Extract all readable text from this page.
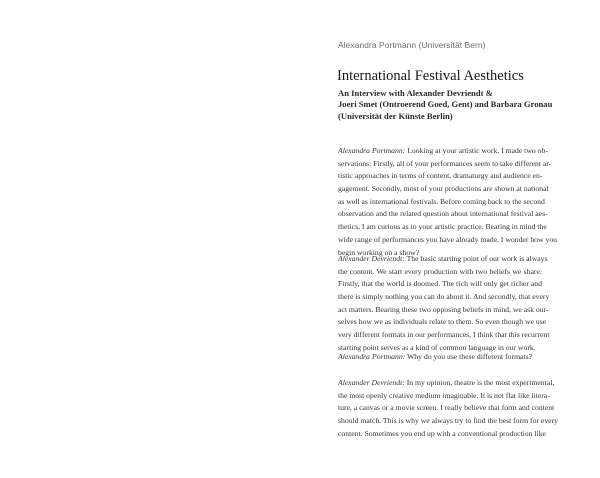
Alexandra Portmann (Universität Bern)
International Festival Aesthetics
An Interview with Alexander Devriendt &
Joeri Smet (Ontroerend Goed, Gent) and Barbara Gronau
(Universität der Künste Berlin)
Alexandra Portmann: Looking at your artistic work, I made two ob-
servations: Firstly, all of your performances seem to take different ar-
tistic approaches in terms of content, dramaturgy and audience en-
gagement. Secondly, most of your productions are shown at national
as well as international festivals. Before coming back to the second
observation and the related question about international festival aes-
thetics, I am curious as to your artistic practice. Bearing in mind the
wide range of performances you have already made, I wonder how you
begin working on a show?
Alexander Devriendt: The basic starting point of our work is always
the content. We start every production with two beliefs we share:
Firstly, that the world is doomed. The rich will only get richer and
there is simply nothing you can do about it. And secondly, that every
act matters. Bearing these two opposing beliefs in mind, we ask our-
selves how we as individuals relate to them. So even though we use
very different formats in our performances, I think that this recurrent
starting point serves as a kind of common language in our work.
Alexandra Portmann: Why do you use these different formats?
Alexander Devriendt: In my opinion, theatre is the most experimental,
the most openly creative medium imaginable. It is not flat like litera-
ture, a canvas or a movie screen. I really believe that form and content
should match. This is why we always try to find the best form for every
content. Sometimes you end up with a conventional production like
